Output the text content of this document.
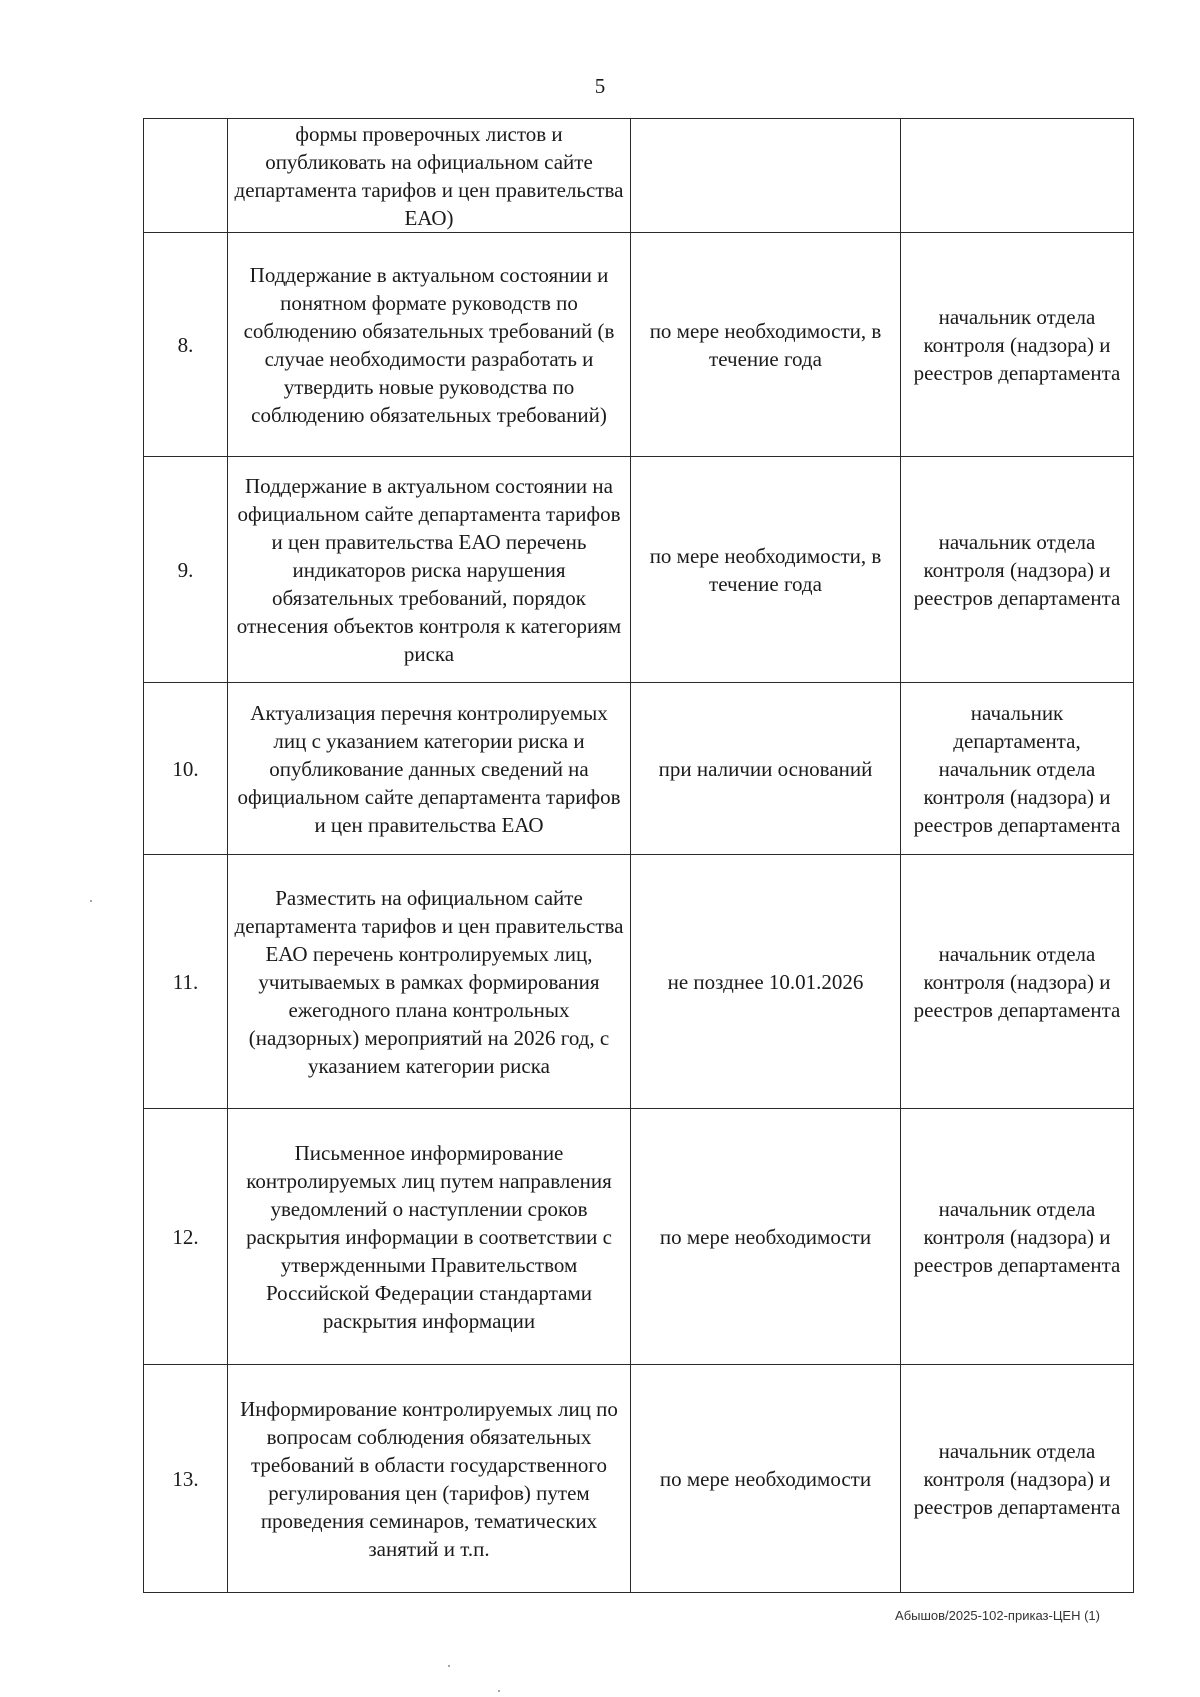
5
	формы проверочных листов и опубликовать на официальном сайте департамента тарифов и цен правительства ЕАО)		
8.	Поддержание в актуальном состоянии и понятном формате руководств по соблюдению обязательных требований (в случае необходимости разработать и утвердить новые руководства по соблюдению обязательных требований)	по мере необходимости, в течение года	начальник отдела контроля (надзора) и реестров департамента
9.	Поддержание в актуальном состоянии на официальном сайте департамента тарифов и цен правительства ЕАО перечень индикаторов риска нарушения обязательных требований, порядок отнесения объектов контроля к категориям риска	по мере необходимости, в течение года	начальник отдела контроля (надзора) и реестров департамента
10.	Актуализация перечня контролируемых лиц с указанием категории риска и опубликование данных сведений на официальном сайте департамента тарифов и цен правительства ЕАО	при наличии оснований	начальник департамента, начальник отдела контроля (надзора) и реестров департамента
11.	Разместить на официальном сайте департамента тарифов и цен правительства ЕАО перечень контролируемых лиц, учитываемых в рамках формирования ежегодного плана контрольных (надзорных) мероприятий на 2026 год, с указанием категории риска	не позднее 10.01.2026	начальник отдела контроля (надзора) и реестров департамента
12.	Письменное информирование контролируемых лиц путем направления уведомлений о наступлении сроков раскрытия информации в соответствии с утвержденными Правительством Российской Федерации стандартами раскрытия информации	по мере необходимости	начальник отдела контроля (надзора) и реестров департамента
13.	Информирование контролируемых лиц по вопросам соблюдения обязательных требований в области государственного регулирования цен (тарифов) путем проведения семинаров, тематических занятий и т.п.	по мере необходимости	начальник отдела контроля (надзора) и реестров департамента
Абышов/2025-102-приказ-ЦЕН (1)
